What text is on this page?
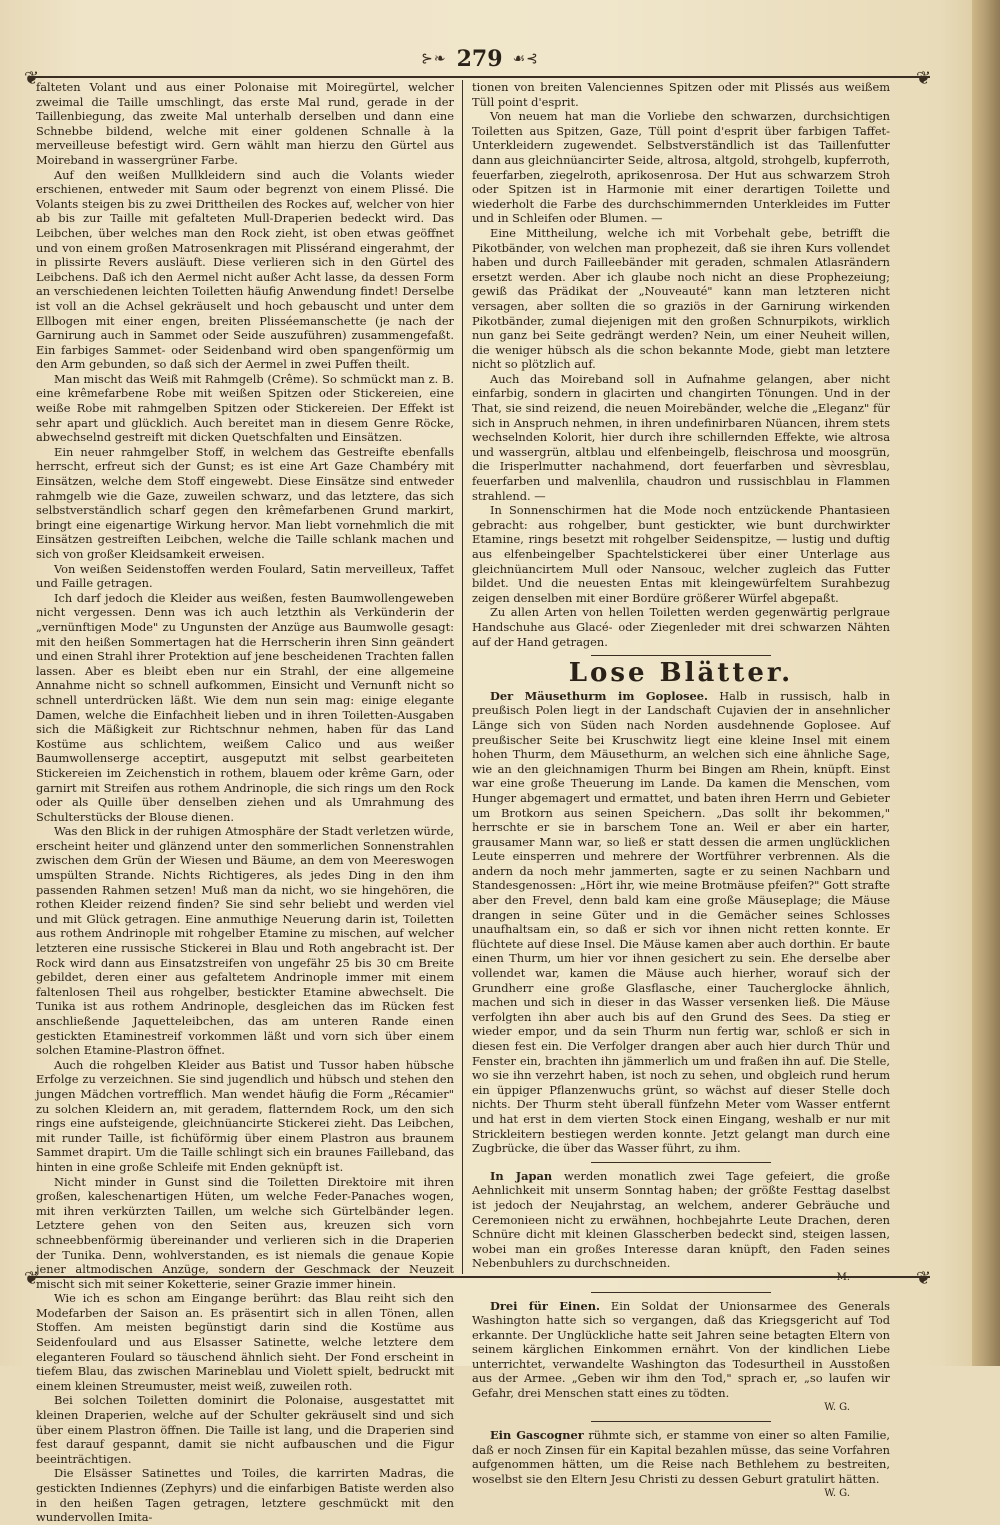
⊱❧ 279 ☙⊰
❦	❦
❦	❦

falteten Volant und aus einer Polonaise mit Moiregürtel, welcher zweimal die Taille umschlingt, das erste Mal rund, gerade in der Taillenbiegung, das zweite Mal unterhalb derselben und dann eine Schnebbe bildend, welche mit einer goldenen Schnalle à la merveilleuse befestigt wird. Gern wählt man hierzu den Gürtel aus Moireband in wassergrüner Farbe.

Auf den weißen Mullkleidern sind auch die Volants wieder erschienen, entweder mit Saum oder begrenzt von einem Plissé. Die Volants steigen bis zu zwei Drittheilen des Rockes auf, welcher von hier ab bis zur Taille mit gefalteten Mull-Draperien bedeckt wird. Das Leibchen, über welches man den Rock zieht, ist oben etwas geöffnet und von einem großen Matrosenkragen mit Plissérand eingerahmt, der in plissirte Revers ausläuft. Diese verlieren sich in den Gürtel des Leibchens. Daß ich den Aermel nicht außer Acht lasse, da dessen Form an verschiedenen leichten Toiletten häufig Anwendung findet! Derselbe ist voll an die Achsel gekräuselt und hoch gebauscht und unter dem Ellbogen mit einer engen, breiten Plisséemanschette (je nach der Garnirung auch in Sammet oder Seide auszuführen) zusammengefaßt. Ein farbiges Sammet- oder Seidenband wird oben spangenförmig um den Arm gebunden, so daß sich der Aermel in zwei Puffen theilt.

Man mischt das Weiß mit Rahmgelb (Crême). So schmückt man z. B. eine krêmefarbene Robe mit weißen Spitzen oder Stickereien, eine weiße Robe mit rahmgelben Spitzen oder Stickereien. Der Effekt ist sehr apart und glücklich. Auch bereitet man in diesem Genre Röcke, abwechselnd gestreift mit dicken Quetschfalten und Einsätzen.

Ein neuer rahmgelber Stoff, in welchem das Gestreifte ebenfalls herrscht, erfreut sich der Gunst; es ist eine Art Gaze Chambéry mit Einsätzen, welche dem Stoff eingewebt. Diese Einsätze sind entweder rahmgelb wie die Gaze, zuweilen schwarz, und das letztere, das sich selbstverständlich scharf gegen den krêmefarbenen Grund markirt, bringt eine eigenartige Wirkung hervor. Man liebt vornehmlich die mit Einsätzen gestreiften Leibchen, welche die Taille schlank machen und sich von großer Kleidsamkeit erweisen.

Von weißen Seidenstoffen werden Foulard, Satin merveilleux, Taffet und Faille getragen.

Ich darf jedoch die Kleider aus weißen, festen Baumwollengeweben nicht vergessen. Denn was ich auch letzthin als Verkünderin der „vernünftigen Mode" zu Ungunsten der Anzüge aus Baumwolle gesagt: mit den heißen Sommertagen hat die Herrscherin ihren Sinn geändert und einen Strahl ihrer Protektion auf jene bescheidenen Trachten fallen lassen. Aber es bleibt eben nur ein Strahl, der eine allgemeine Annahme nicht so schnell aufkommen, Einsicht und Vernunft nicht so schnell unterdrücken läßt. Wie dem nun sein mag: einige elegante Damen, welche die Einfachheit lieben und in ihren Toiletten-Ausgaben sich die Mäßigkeit zur Richtschnur nehmen, haben für das Land Kostüme aus schlichtem, weißem Calico und aus weißer Baumwollenserge acceptirt, ausgeputzt mit selbst gearbeiteten Stickereien im Zeichenstich in rothem, blauem oder krême Garn, oder garnirt mit Streifen aus rothem Andrinople, die sich rings um den Rock oder als Quille über denselben ziehen und als Umrahmung des Schulterstücks der Blouse dienen.

Was den Blick in der ruhigen Atmosphäre der Stadt verletzen würde, erscheint heiter und glänzend unter den sommerlichen Sonnenstrahlen zwischen dem Grün der Wiesen und Bäume, an dem von Meereswogen umspülten Strande. Nichts Richtigeres, als jedes Ding in den ihm passenden Rahmen setzen! Muß man da nicht, wo sie hingehören, die rothen Kleider reizend finden? Sie sind sehr beliebt und werden viel und mit Glück getragen. Eine anmuthige Neuerung darin ist, Toiletten aus rothem Andrinople mit rohgelber Etamine zu mischen, auf welcher letzteren eine russische Stickerei in Blau und Roth angebracht ist. Der Rock wird dann aus Einsatzstreifen von ungefähr 25 bis 30 cm Breite gebildet, deren einer aus gefaltetem Andrinople immer mit einem faltenlosen Theil aus rohgelber, bestickter Etamine abwechselt. Die Tunika ist aus rothem Andrinople, desgleichen das im Rücken fest anschließende Jaquetteleibchen, das am unteren Rande einen gestickten Etaminestreif vorkommen läßt und vorn sich über einem solchen Etamine-Plastron öffnet.

Auch die rohgelben Kleider aus Batist und Tussor haben hübsche Erfolge zu verzeichnen. Sie sind jugendlich und hübsch und stehen den jungen Mädchen vortrefflich. Man wendet häufig die Form „Récamier" zu solchen Kleidern an, mit geradem, flatterndem Rock, um den sich rings eine aufsteigende, gleichnüancirte Stickerei zieht. Das Leibchen, mit runder Taille, ist fichüförmig über einem Plastron aus braunem Sammet drapirt. Um die Taille schlingt sich ein braunes Failleband, das hinten in eine große Schleife mit Enden geknüpft ist.

Nicht minder in Gunst sind die Toiletten Direktoire mit ihren großen, kaleschenartigen Hüten, um welche Feder-Panaches wogen, mit ihren verkürzten Taillen, um welche sich Gürtelbänder legen. Letztere gehen von den Seiten aus, kreuzen sich vorn schneebbenförmig übereinander und verlieren sich in die Draperien der Tunika. Denn, wohlverstanden, es ist niemals die genaue Kopie jener altmodischen Anzüge, sondern der Geschmack der Neuzeit mischt sich mit seiner Koketterie, seiner Grazie immer hinein.

Wie ich es schon am Eingange berührt: das Blau reiht sich den Modefarben der Saison an. Es präsentirt sich in allen Tönen, allen Stoffen. Am meisten begünstigt darin sind die Kostüme aus Seidenfoulard und aus Elsasser Satinette, welche letztere dem eleganteren Foulard so täuschend ähnlich sieht. Der Fond erscheint in tiefem Blau, das zwischen Marineblau und Violett spielt, bedruckt mit einem kleinen Streumuster, meist weiß, zuweilen roth.

Bei solchen Toiletten dominirt die Polonaise, ausgestattet mit kleinen Draperien, welche auf der Schulter gekräuselt sind und sich über einem Plastron öffnen. Die Taille ist lang, und die Draperien sind fest darauf gespannt, damit sie nicht aufbauschen und die Figur beeinträchtigen.

Die Elsässer Satinettes und Toiles, die karrirten Madras, die gestickten Indiennes (Zephyrs) und die einfarbigen Batiste werden also in den heißen Tagen getragen, letztere geschmückt mit den wundervollen Imita-

tionen von breiten Valenciennes Spitzen oder mit Plissés aus weißem Tüll point d'esprit.

Von neuem hat man die Vorliebe den schwarzen, durchsichtigen Toiletten aus Spitzen, Gaze, Tüll point d'esprit über farbigen Taffet-Unterkleidern zugewendet. Selbstverständlich ist das Taillenfutter dann aus gleichnüancirter Seide, altrosa, altgold, strohgelb, kupferroth, feuerfarben, ziegelroth, aprikosenrosa. Der Hut aus schwarzem Stroh oder Spitzen ist in Harmonie mit einer derartigen Toilette und wiederholt die Farbe des durchschimmernden Unterkleides im Futter und in Schleifen oder Blumen. —

Eine Mittheilung, welche ich mit Vorbehalt gebe, betrifft die Pikotbänder, von welchen man prophezeit, daß sie ihren Kurs vollendet haben und durch Failleebänder mit geraden, schmalen Atlasrändern ersetzt werden. Aber ich glaube noch nicht an diese Prophezeiung; gewiß das Prädikat der „Nouveauté" kann man letzteren nicht versagen, aber sollten die so graziös in der Garnirung wirkenden Pikotbänder, zumal diejenigen mit den großen Schnurpikots, wirklich nun ganz bei Seite gedrängt werden? Nein, um einer Neuheit willen, die weniger hübsch als die schon bekannte Mode, giebt man letztere nicht so plötzlich auf.

Auch das Moireband soll in Aufnahme gelangen, aber nicht einfarbig, sondern in glacirten und changirten Tönungen. Und in der That, sie sind reizend, die neuen Moirebänder, welche die „Eleganz" für sich in Anspruch nehmen, in ihren undefinirbaren Nüancen, ihrem stets wechselnden Kolorit, hier durch ihre schillernden Effekte, wie altrosa und wassergrün, altblau und elfenbeingelb, fleischrosa und moosgrün, die Irisperlmutter nachahmend, dort feuerfarben und sèvresblau, feuerfarben und malvenlila, chaudron und russischblau in Flammen strahlend. —

In Sonnenschirmen hat die Mode noch entzückende Phantasieen gebracht: aus rohgelber, bunt gestickter, wie bunt durchwirkter Etamine, rings besetzt mit rohgelber Seidenspitze, — lustig und duftig aus elfenbeingelber Spachtelstickerei über einer Unterlage aus gleichnüancirtem Mull oder Nansouc, welcher zugleich das Futter bildet. Und die neuesten Entas mit kleingewürfeltem Surahbezug zeigen denselben mit einer Bordüre größerer Würfel abgepaßt.

Zu allen Arten von hellen Toiletten werden gegenwärtig perlgraue Handschuhe aus Glacé- oder Ziegenleder mit drei schwarzen Nähten auf der Hand getragen.

Lose Blätter.

Der Mäusethurm im Goplosee. Halb in russisch, halb in preußisch Polen liegt in der Landschaft Cujavien der in ansehnlicher Länge sich von Süden nach Norden ausdehnende Goplosee. Auf preußischer Seite bei Kruschwitz liegt eine kleine Insel mit einem hohen Thurm, dem Mäusethurm, an welchen sich eine ähnliche Sage, wie an den gleichnamigen Thurm bei Bingen am Rhein, knüpft. Einst war eine große Theuerung im Lande. Da kamen die Menschen, vom Hunger abgemagert und ermattet, und baten ihren Herrn und Gebieter um Brotkorn aus seinen Speichern. „Das sollt ihr bekommen," herrschte er sie in barschem Tone an. Weil er aber ein harter, grausamer Mann war, so ließ er statt dessen die armen unglücklichen Leute einsperren und mehrere der Wortführer verbrennen. Als die andern da noch mehr jammerten, sagte er zu seinen Nachbarn und Standesgenossen: „Hört ihr, wie meine Brotmäuse pfeifen?" Gott strafte aber den Frevel, denn bald kam eine große Mäuseplage; die Mäuse drangen in seine Güter und in die Gemächer seines Schlosses unaufhaltsam ein, so daß er sich vor ihnen nicht retten konnte. Er flüchtete auf diese Insel. Die Mäuse kamen aber auch dorthin. Er baute einen Thurm, um hier vor ihnen gesichert zu sein. Ehe derselbe aber vollendet war, kamen die Mäuse auch hierher, worauf sich der Grundherr eine große Glasflasche, einer Taucherglocke ähnlich, machen und sich in dieser in das Wasser versenken ließ. Die Mäuse verfolgten ihn aber auch bis auf den Grund des Sees. Da stieg er wieder empor, und da sein Thurm nun fertig war, schloß er sich in diesen fest ein. Die Verfolger drangen aber auch hier durch Thür und Fenster ein, brachten ihn jämmerlich um und fraßen ihn auf. Die Stelle, wo sie ihn verzehrt haben, ist noch zu sehen, und obgleich rund herum ein üppiger Pflanzenwuchs grünt, so wächst auf dieser Stelle doch nichts. Der Thurm steht überall fünfzehn Meter vom Wasser entfernt und hat erst in dem vierten Stock einen Eingang, weshalb er nur mit Strickleitern bestiegen werden konnte. Jetzt gelangt man durch eine Zugbrücke, die über das Wasser führt, zu ihm.

In Japan werden monatlich zwei Tage gefeiert, die große Aehnlichkeit mit unserm Sonntag haben; der größte Festtag daselbst ist jedoch der Neujahrstag, an welchem, anderer Gebräuche und Ceremonieen nicht zu erwähnen, hochbejahrte Leute Drachen, deren Schnüre dicht mit kleinen Glasscherben bedeckt sind, steigen lassen, wobei man ein großes Interesse daran knüpft, den Faden seines Nebenbuhlers zu durchschneiden.

M.

Drei für Einen. Ein Soldat der Unionsarmee des Generals Washington hatte sich so vergangen, daß das Kriegsgericht auf Tod erkannte. Der Unglückliche hatte seit Jahren seine betagten Eltern von seinem kärglichen Einkommen ernährt. Von der kindlichen Liebe unterrichtet, verwandelte Washington das Todesurtheil in Ausstoßen aus der Armee. „Geben wir ihm den Tod," sprach er, „so laufen wir Gefahr, drei Menschen statt eines zu tödten.

W. G.

Ein Gascogner rühmte sich, er stamme von einer so alten Familie, daß er noch Zinsen für ein Kapital bezahlen müsse, das seine Vorfahren aufgenommen hätten, um die Reise nach Bethlehem zu bestreiten, woselbst sie den Eltern Jesu Christi zu dessen Geburt gratulirt hätten.

W. G.
